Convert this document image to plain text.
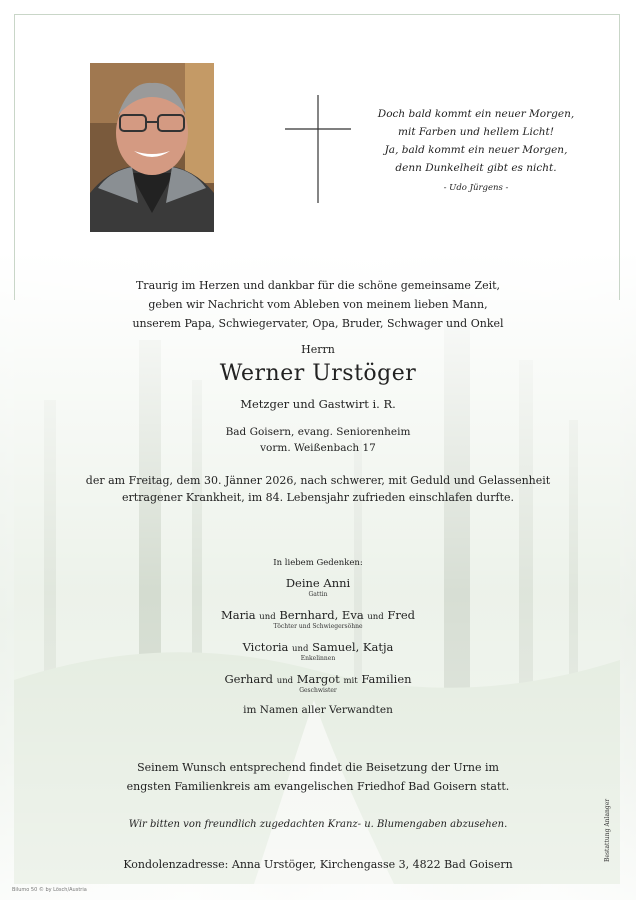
Doch bald kommt ein neuer Morgen,
mit Farben und hellem Licht!
Ja, bald kommt ein neuer Morgen,
denn Dunkelheit gibt es nicht.
- Udo Jürgens -
Traurig im Herzen und dankbar für die schöne gemeinsame Zeit,
geben wir Nachricht vom Ableben von meinem lieben Mann,
unserem Papa, Schwiegervater, Opa, Bruder, Schwager und Onkel
Herrn
Werner Urstöger
Metzger und Gastwirt i. R.
Bad Goisern, evang. Seniorenheim
vorm. Weißenbach 17
der am Freitag, dem 30. Jänner 2026, nach schwerer, mit Geduld und Gelassenheit
ertragener Krankheit, im 84. Lebensjahr zufrieden einschlafen durfte.
In liebem Gedenken:
Deine Anni
Gattin
Maria und Bernhard, Eva und Fred
Töchter und Schwiegersöhne
Victoria und Samuel, Katja
Enkelinnen
Gerhard und Margot mit Familien
Geschwister
im Namen aller Verwandten
Seinem Wunsch entsprechend findet die Beisetzung der Urne im
engsten Familienkreis am evangelischen Friedhof Bad Goisern statt.
Wir bitten von freundlich zugedachten Kranz- u. Blumengaben abzusehen.
Kondolenzadresse: Anna Urstöger, Kirchengasse 3, 4822 Bad Goisern
Bestattung Anlanger
Bilumo 50 © by Lösch/Austria
